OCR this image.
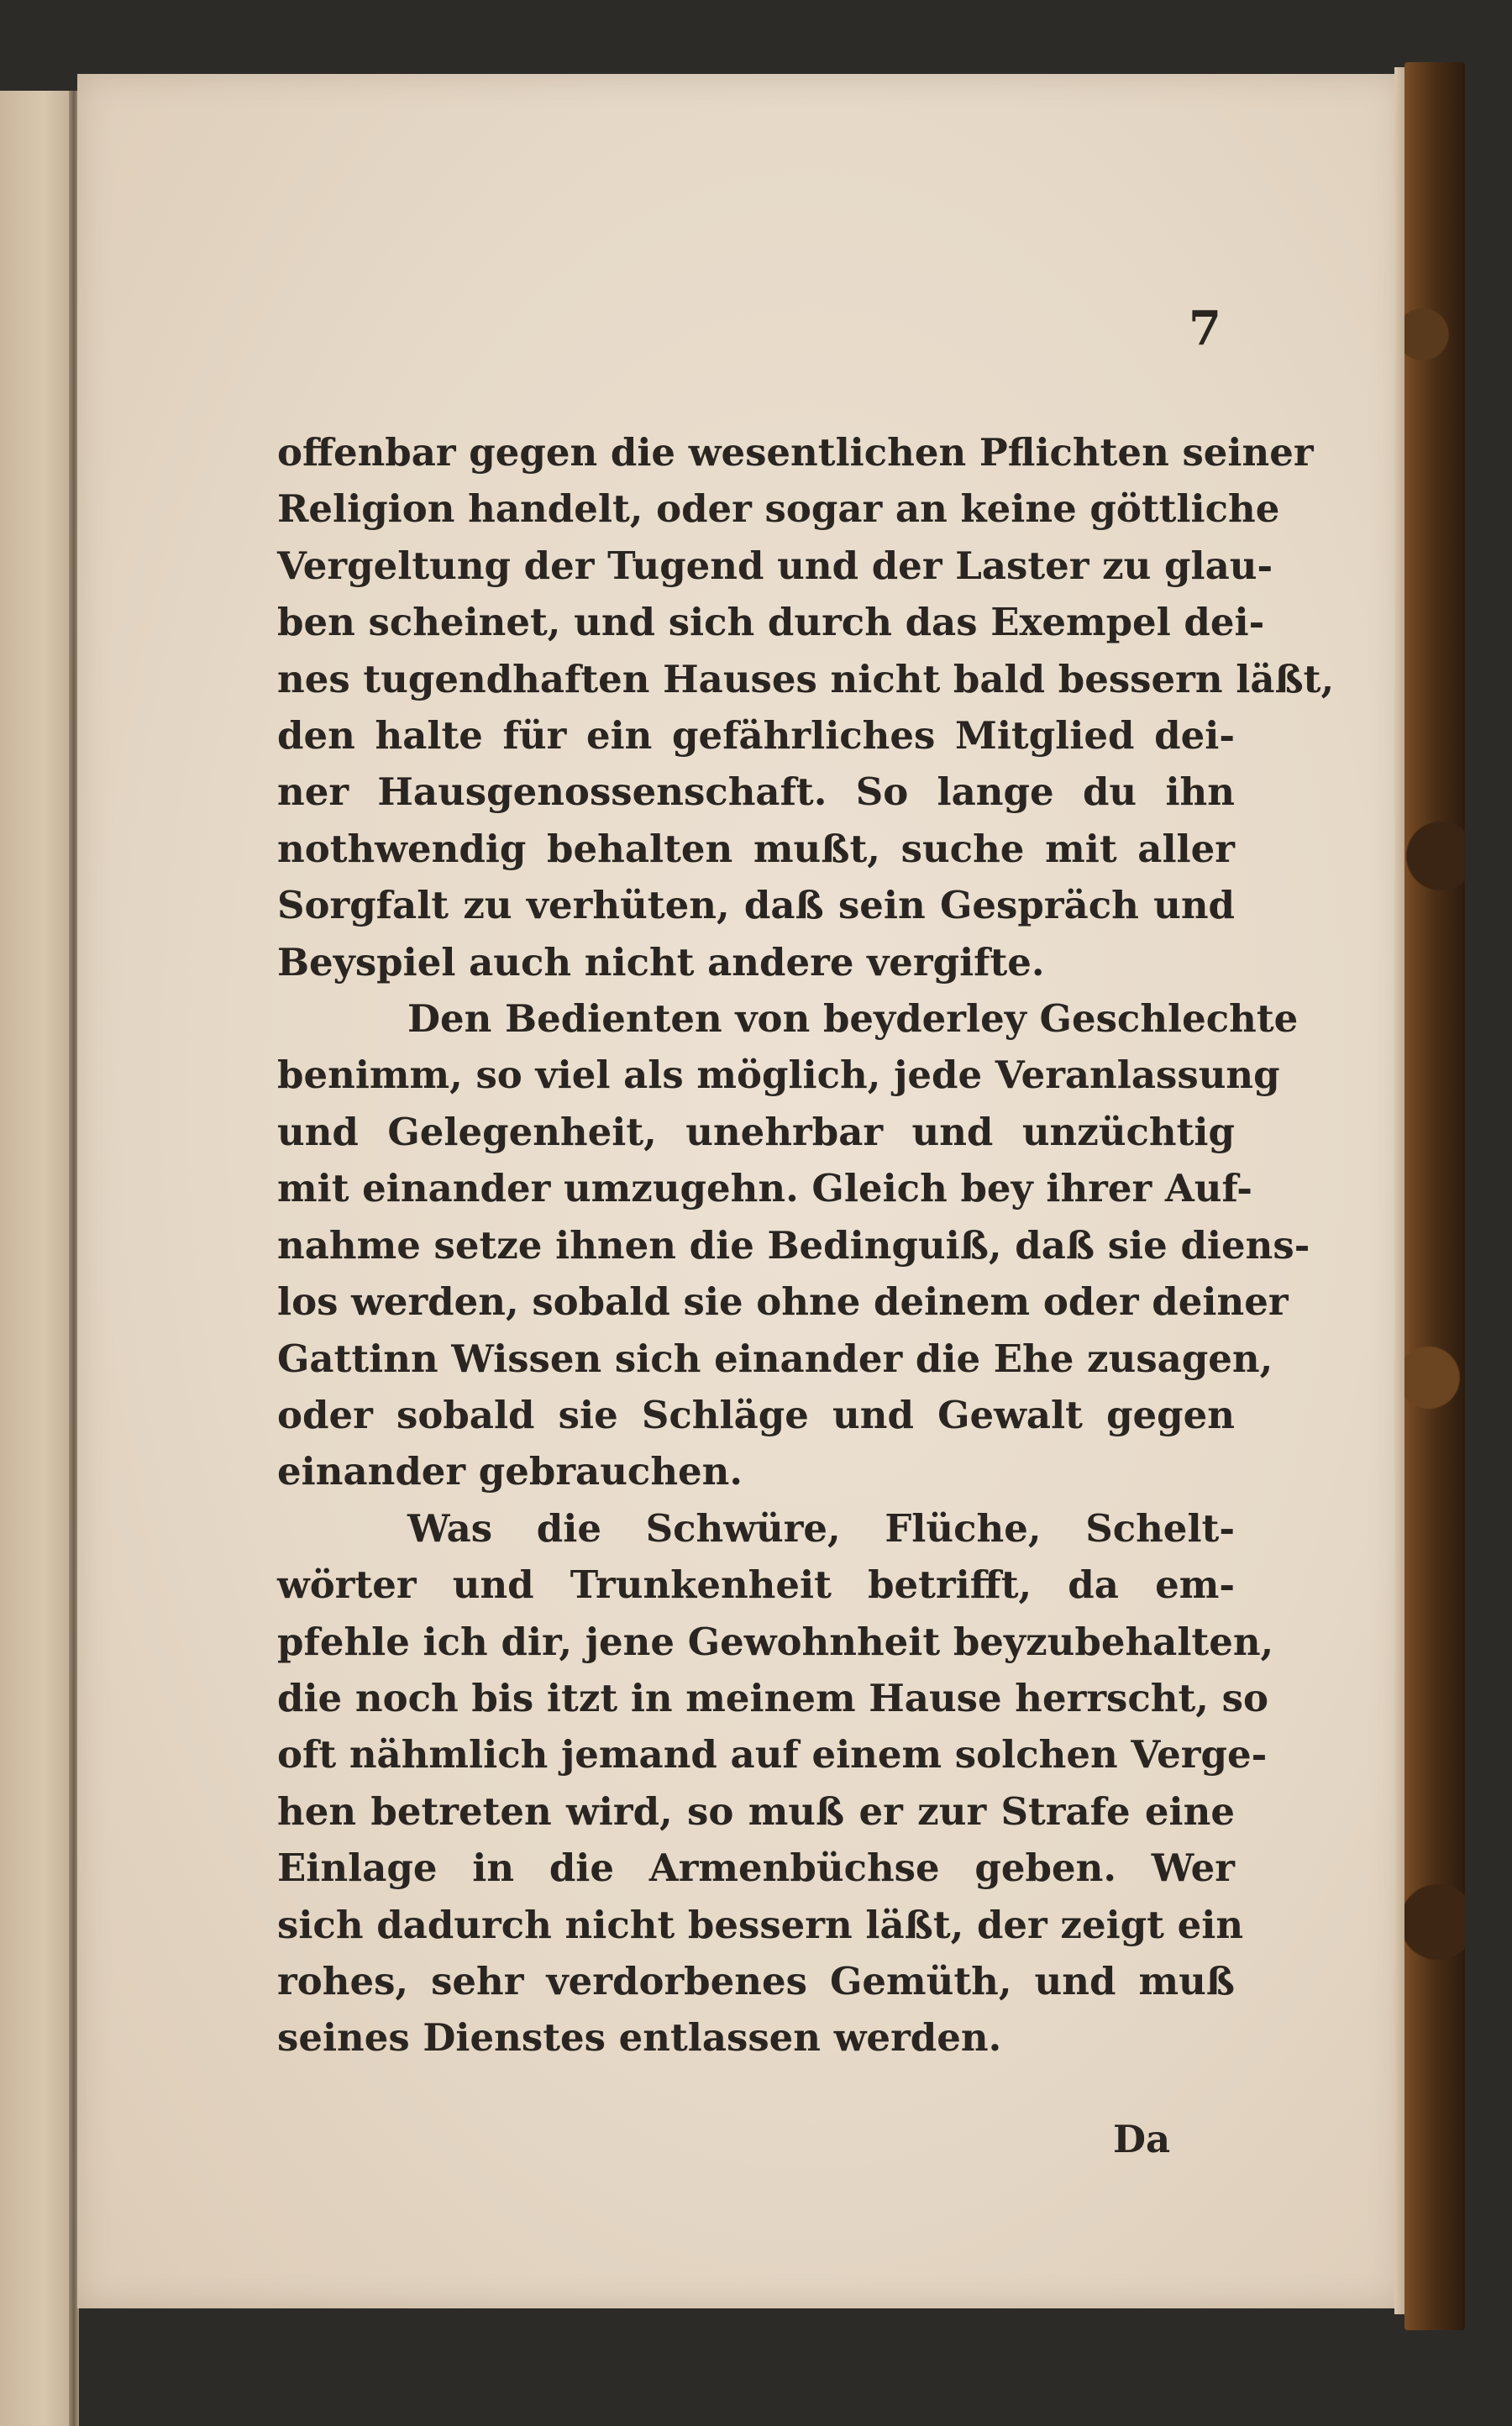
7

offenbar gegen die wesentlichen Pflichten seiner
Religion handelt, oder sogar an keine göttliche
Vergeltung der Tugend und der Laster zu glau-
ben scheinet, und sich durch das Exempel dei-
nes tugendhaften Hauses nicht bald bessern läßt,
den halte für ein gefährliches Mitglied dei-
ner Hausgenossenschaft. So lange du ihn
nothwendig behalten mußt, suche mit aller
Sorgfalt zu verhüten, daß sein Gespräch und
Beyspiel auch nicht andere vergifte.

Den Bedienten von beyderley Geschlechte
benimm, so viel als möglich, jede Veranlassung
und Gelegenheit, unehrbar und unzüchtig
mit einander umzugehn. Gleich bey ihrer Auf-
nahme setze ihnen die Bedinguiß, daß sie diens-
los werden, sobald sie ohne deinem oder deiner
Gattinn Wissen sich einander die Ehe zusagen,
oder sobald sie Schläge und Gewalt gegen
einander gebrauchen.

Was die Schwüre, Flüche, Schelt-
wörter und Trunkenheit betrifft, da em-
pfehle ich dir, jene Gewohnheit beyzubehalten,
die noch bis itzt in meinem Hause herrscht, so
oft nähmlich jemand auf einem solchen Verge-
hen betreten wird, so muß er zur Strafe eine
Einlage in die Armenbüchse geben. Wer
sich dadurch nicht bessern läßt, der zeigt ein
rohes, sehr verdorbenes Gemüth, und muß
seines Dienstes entlassen werden.

Da
